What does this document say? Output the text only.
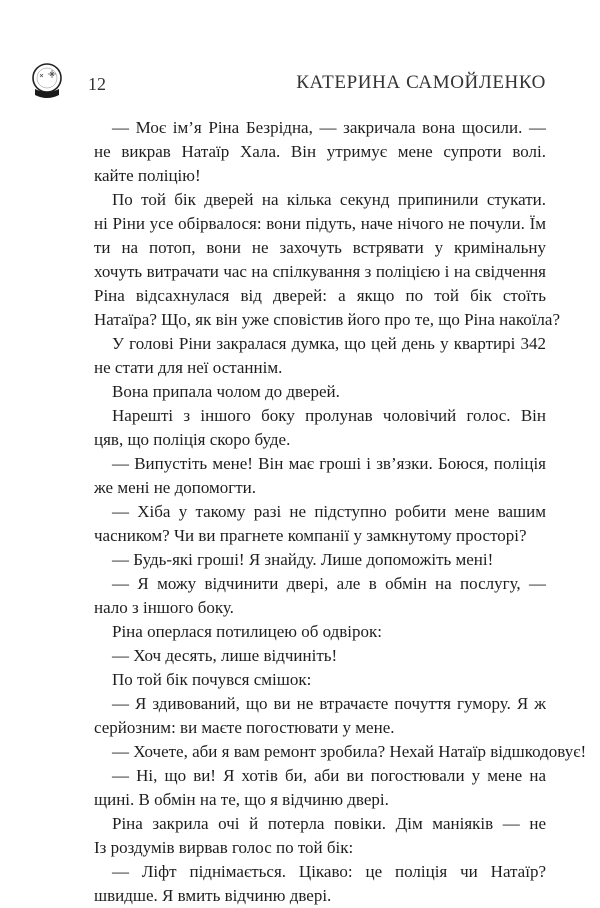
12	КАТЕРИНА САМОЙЛЕНКО
— Моє ім’я Ріна Безрідна, — закричала вона щосили. —
не викрав Натаїр Хала. Він утримує мене супроти волі.
кайте поліцію!
По той бік дверей на кілька секунд припинили стукати.
ні Ріни усе обірвалося: вони підуть, наче нічого не почули. Їм
ти на потоп, вони не захочуть встрявати у кримінальну
хочуть витрачати час на спілкування з поліцією і на свідчення
Ріна відсахнулася від дверей: а якщо по той бік стоїть
Натаїра? Що, як він уже сповістив його про те, що Ріна накоїла?
У голові Ріни закралася думка, що цей день у квартирі 342
не стати для неї останнім.
Вона припала чолом до дверей.
Нарешті з іншого боку пролунав чоловічий голос. Він
цяв, що поліція скоро буде.
— Випустіть мене! Він має гроші і зв’язки. Боюся, поліція
же мені не допомогти.
— Хіба у такому разі не підступно робити мене вашим
часником? Чи ви прагнете компанії у замкнутому просторі?
— Будь-які гроші! Я знайду. Лише допоможіть мені!
— Я можу відчинити двері, але в обмін на послугу, —
нало з іншого боку.
Ріна оперлася потилицею об одвірок:
— Хоч десять, лише відчиніть!
По той бік почувся смішок:
— Я здивований, що ви не втрачаєте почуття гумору. Я ж
серйозним: ви маєте погостювати у мене.
— Хочете, аби я вам ремонт зробила? Нехай Натаїр відшкодовує!
— Ні, що ви! Я хотів би, аби ви погостювали у мене на
щині. В обмін на те, що я відчиню двері.
Ріна закрила очі й потерла повіки. Дім маніяків — не
Із роздумів вирвав голос по той бік:
— Ліфт піднімається. Цікаво: це поліція чи Натаїр?
швидше. Я вмить відчиню двері.
